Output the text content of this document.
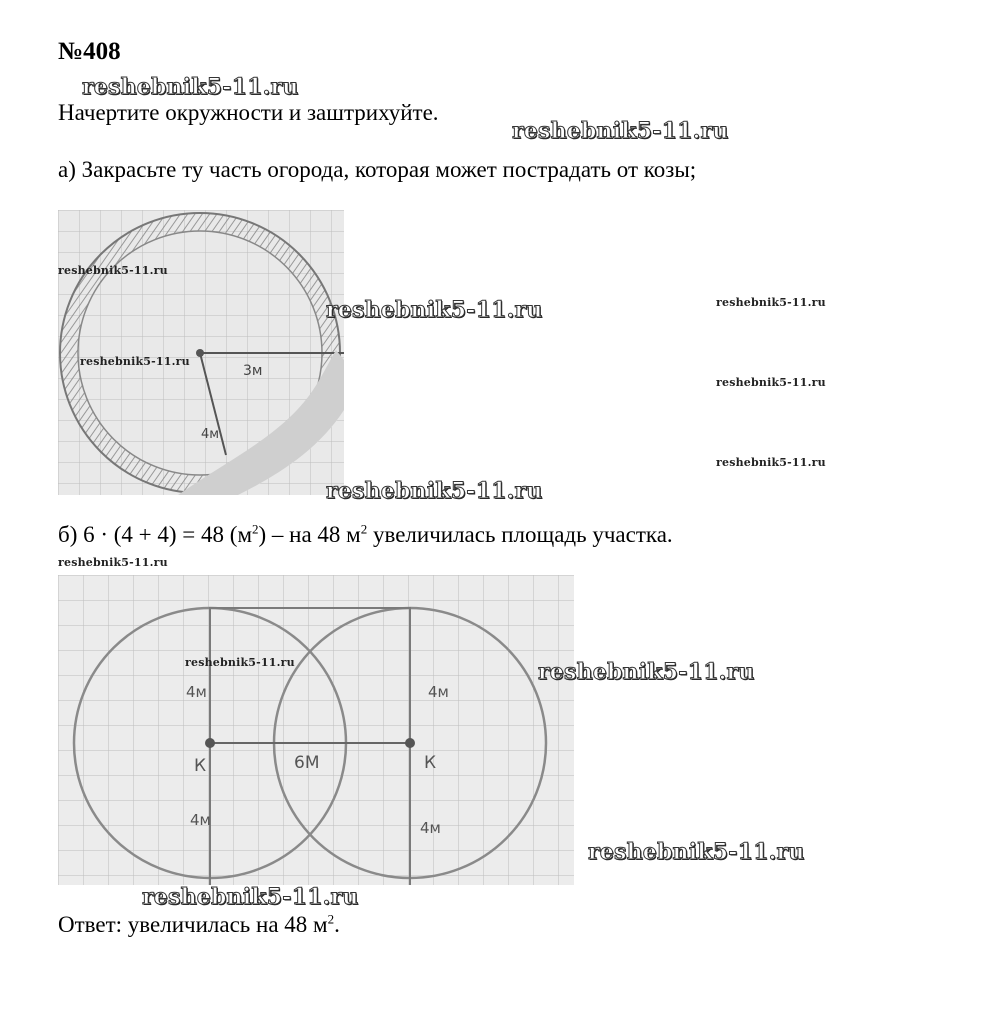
№408
reshebnik5-11.ru
Начертите окружности и заштрихуйте.
reshebnik5-11.ru
а) Закрасьте ту часть огорода, которая может пострадать от козы;
3м
4м
reshebnik5-11.ru
reshebnik5-11.ru
reshebnik5-11.ru	reshebnik5-11.ru
reshebnik5-11.ru
reshebnik5-11.ru
reshebnik5-11.ru
б) 6 · (4 + 4) = 48 $(м^2)$ – на 48 $м^2$ увеличилась площадь участка.
reshebnik5-11.ru
4м	4м
4м	4м
К	К
6М
reshebnik5-11.ru	reshebnik5-11.ru
reshebnik5-11.ru
reshebnik5-11.ru
Ответ: увеличилась на 48 $м^2$.
